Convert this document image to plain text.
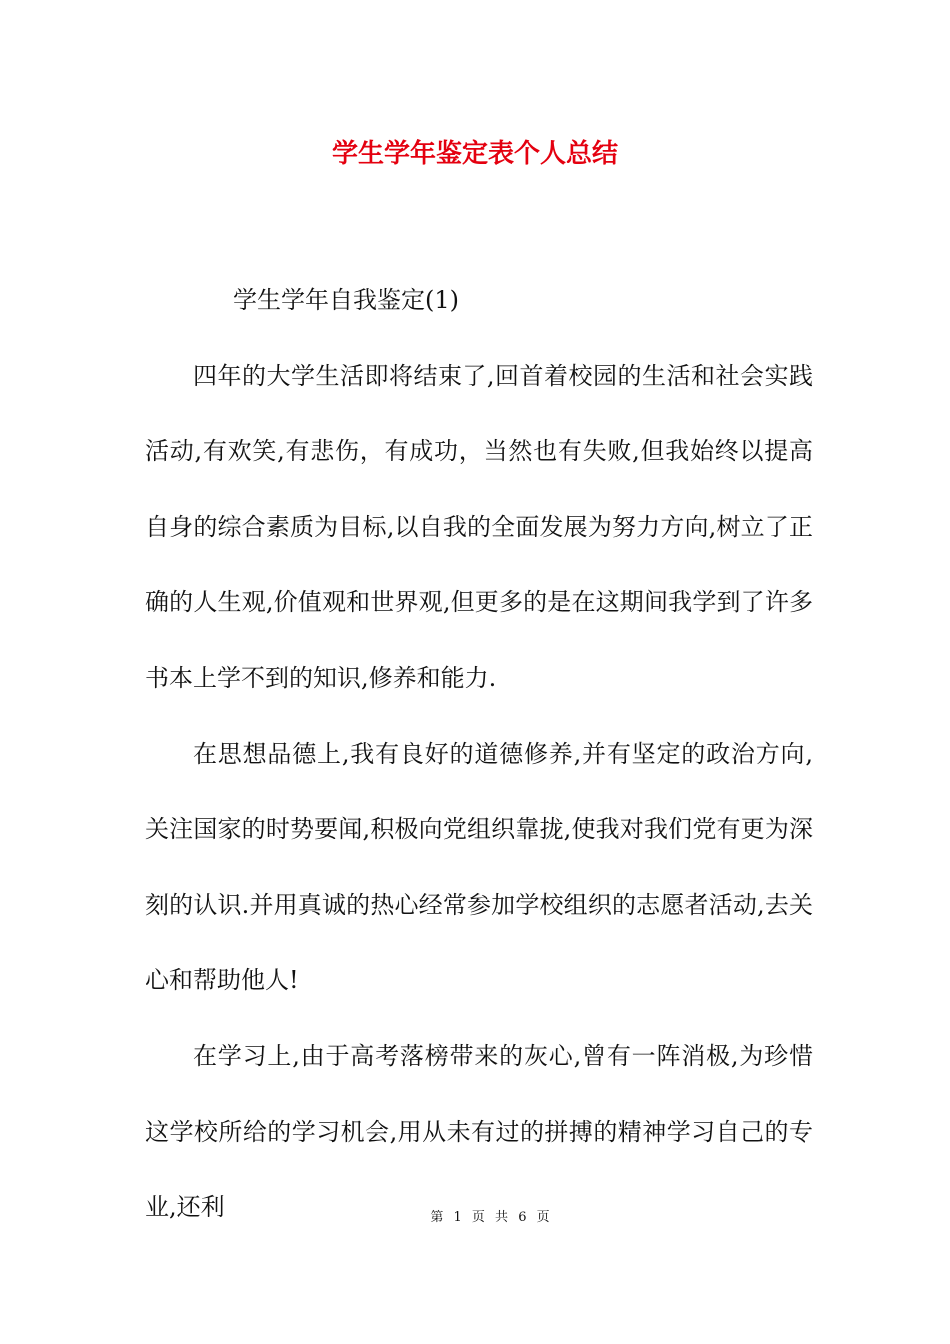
学生学年鉴定表个人总结

学生学年自我鉴定(1)

四年的大学生活即将结束了,回首着校园的生活和社会实践活动,有欢笑,有悲伤，有成功，当然也有失败,但我始终以提高自身的综合素质为目标,以自我的全面发展为努力方向,树立了正确的人生观,价值观和世界观,但更多的是在这期间我学到了许多书本上学不到的知识,修养和能力.

在思想品德上,我有良好的道德修养,并有坚定的政治方向,关注国家的时势要闻,积极向党组织靠拢,使我对我们党有更为深刻的认识.并用真诚的热心经常参加学校组织的志愿者活动,去关心和帮助他人!

在学习上,由于高考落榜带来的灰心,曾有一阵消极,为珍惜这学校所给的学习机会,用从未有过的拼搏的精神学习自己的专业,还利	第 1 页 共 6 页
